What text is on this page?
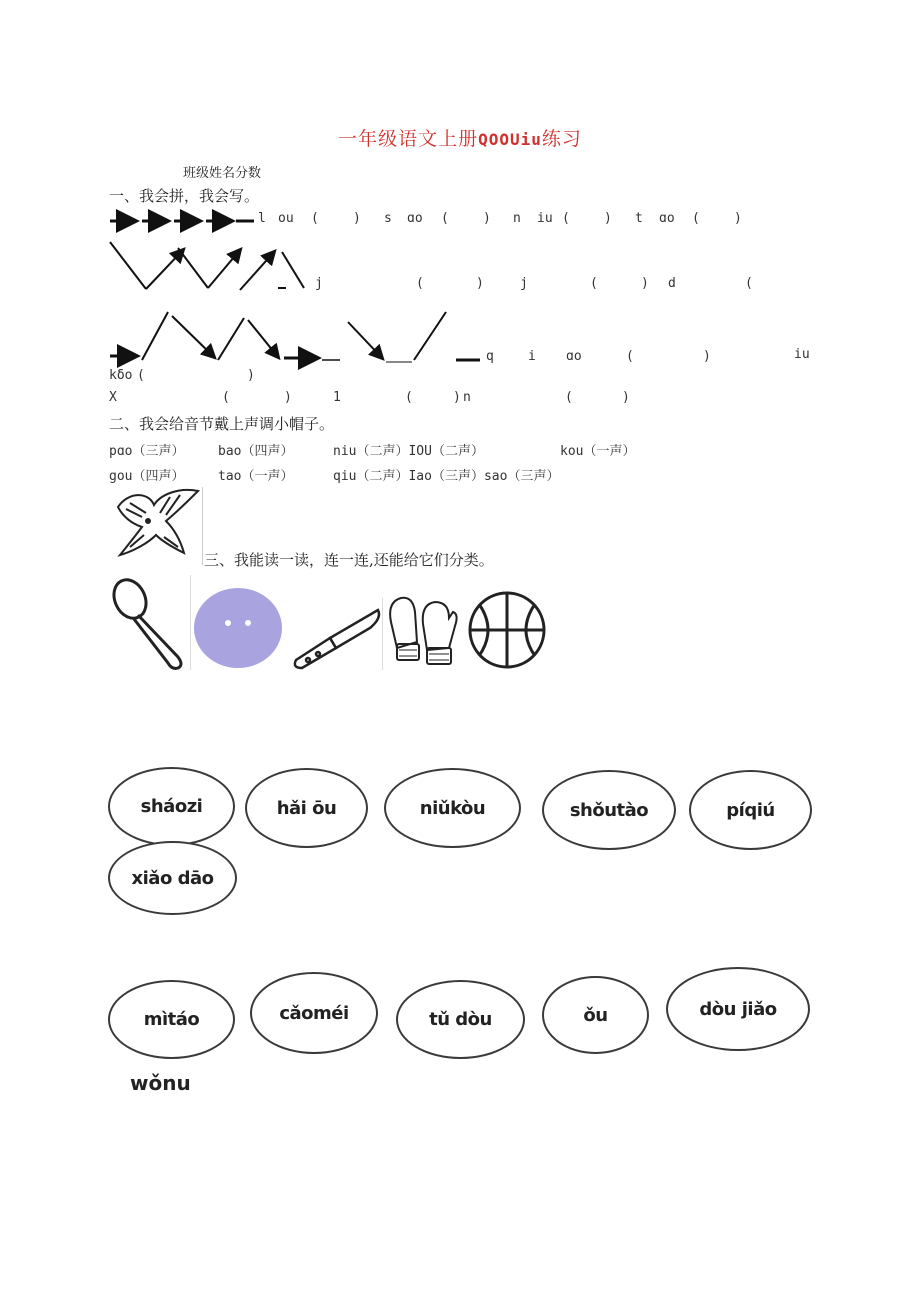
一年级语文上册QOOUiu练习
班级姓名分数
一、我会拼，我会写。
l ou (	) s ɑo (	) n iu (	) t ɑo (	)
j	(	)	j	(	) d	(
q	i ɑo	(	)	iu
kδo (	)
X	(	)	1	(	) n	(	)
二、我会给音节戴上声调小帽子。
pɑo（三声）	bao（四声）	niu（二声）IOU（二声）	kou（一声）
gou（四声）	tao（一声）	qiu（二声）Iao（三声）sao（三声）
三、我能读一读，连一连,还能给它们分类。
sháozi	hǎi ōu	niǔkòu	shǒutào	píqiú
xiǎo dāo
mìtáo	cǎoméi	tǔ dòu	ǒu	dòu jiǎo
wǒnu
